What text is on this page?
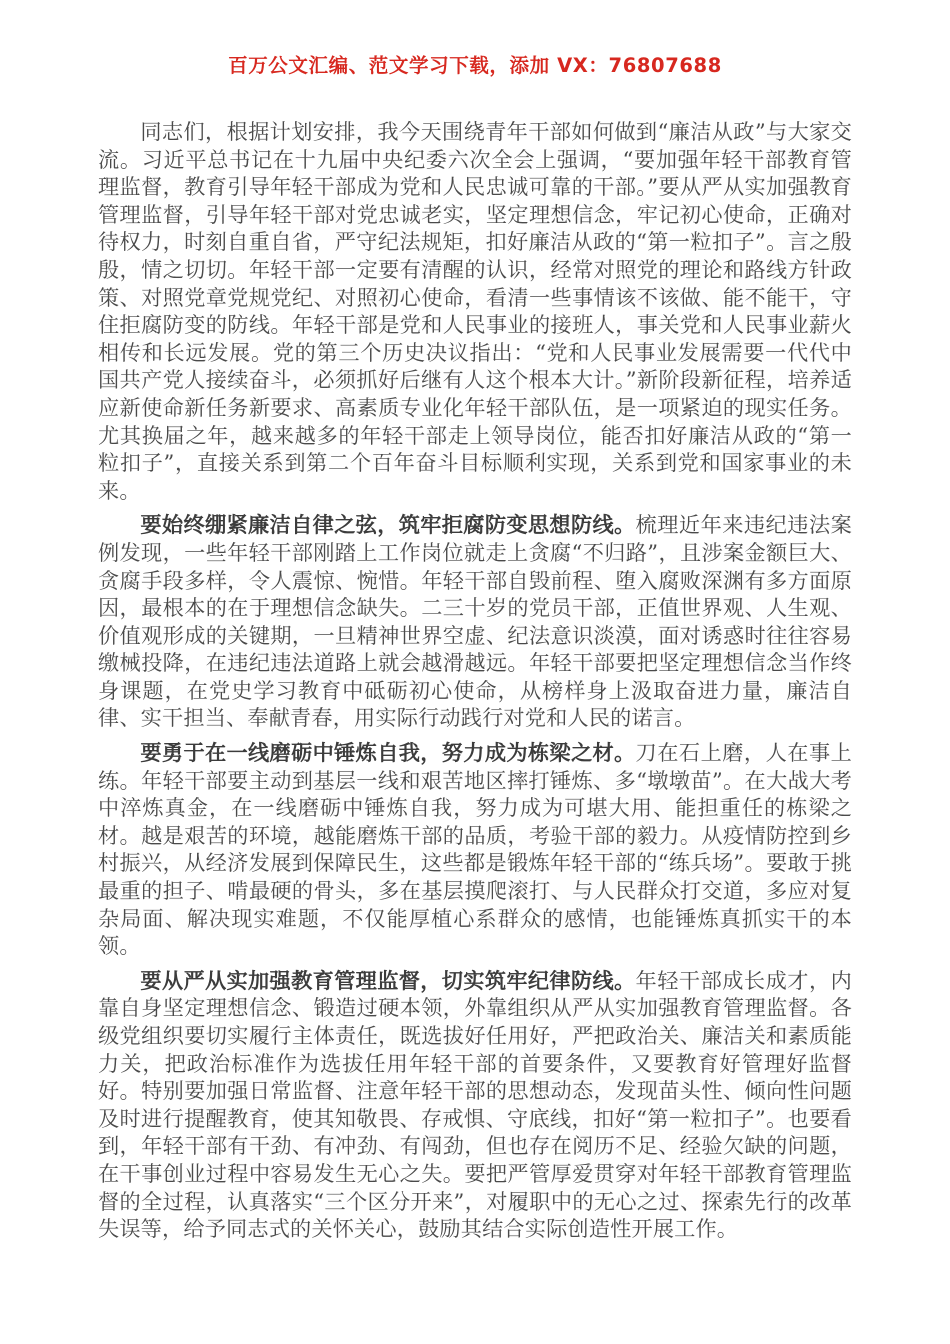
百万公文汇编、范文学习下载，添加 VX：76807688

同志们，根据计划安排，我今天围绕青年干部如何做到“廉洁从政”与大家交流。习近平总书记在十九届中央纪委六次全会上强调，“要加强年轻干部教育管理监督，教育引导年轻干部成为党和人民忠诚可靠的干部。”要从严从实加强教育管理监督，引导年轻干部对党忠诚老实，坚定理想信念，牢记初心使命，正确对待权力，时刻自重自省，严守纪法规矩，扣好廉洁从政的“第一粒扣子”。言之殷殷，情之切切。年轻干部一定要有清醒的认识，经常对照党的理论和路线方针政策、对照党章党规党纪、对照初心使命，看清一些事情该不该做、能不能干，守住拒腐防变的防线。年轻干部是党和人民事业的接班人，事关党和人民事业薪火相传和长远发展。党的第三个历史决议指出：“党和人民事业发展需要一代代中国共产党人接续奋斗，必须抓好后继有人这个根本大计。”新阶段新征程，培养适应新使命新任务新要求、高素质专业化年轻干部队伍，是一项紧迫的现实任务。尤其换届之年，越来越多的年轻干部走上领导岗位，能否扣好廉洁从政的“第一粒扣子”，直接关系到第二个百年奋斗目标顺利实现，关系到党和国家事业的未来。

要始终绷紧廉洁自律之弦，筑牢拒腐防变思想防线。梳理近年来违纪违法案例发现，一些年轻干部刚踏上工作岗位就走上贪腐“不归路”，且涉案金额巨大、贪腐手段多样，令人震惊、惋惜。年轻干部自毁前程、堕入腐败深渊有多方面原因，最根本的在于理想信念缺失。二三十岁的党员干部，正值世界观、人生观、价值观形成的关键期，一旦精神世界空虚、纪法意识淡漠，面对诱惑时往往容易缴械投降，在违纪违法道路上就会越滑越远。年轻干部要把坚定理想信念当作终身课题，在党史学习教育中砥砺初心使命，从榜样身上汲取奋进力量，廉洁自律、实干担当、奉献青春，用实际行动践行对党和人民的诺言。

要勇于在一线磨砺中锤炼自我，努力成为栋梁之材。刀在石上磨，人在事上练。年轻干部要主动到基层一线和艰苦地区摔打锤炼、多“墩墩苗”。在大战大考中淬炼真金，在一线磨砺中锤炼自我，努力成为可堪大用、能担重任的栋梁之材。越是艰苦的环境，越能磨炼干部的品质，考验干部的毅力。从疫情防控到乡村振兴，从经济发展到保障民生，这些都是锻炼年轻干部的“练兵场”。要敢于挑最重的担子、啃最硬的骨头，多在基层摸爬滚打、与人民群众打交道，多应对复杂局面、解决现实难题，不仅能厚植心系群众的感情，也能锤炼真抓实干的本领。

要从严从实加强教育管理监督，切实筑牢纪律防线。年轻干部成长成才，内靠自身坚定理想信念、锻造过硬本领，外靠组织从严从实加强教育管理监督。各级党组织要切实履行主体责任，既选拔好任用好，严把政治关、廉洁关和素质能力关，把政治标准作为选拔任用年轻干部的首要条件，又要教育好管理好监督好。特别要加强日常监督、注意年轻干部的思想动态，发现苗头性、倾向性问题及时进行提醒教育，使其知敬畏、存戒惧、守底线，扣好“第一粒扣子”。也要看到，年轻干部有干劲、有冲劲、有闯劲，但也存在阅历不足、经验欠缺的问题，在干事创业过程中容易发生无心之失。要把严管厚爱贯穿对年轻干部教育管理监督的全过程，认真落实“三个区分开来”，对履职中的无心之过、探索先行的改革失误等，给予同志式的关怀关心，鼓励其结合实际创造性开展工作。
